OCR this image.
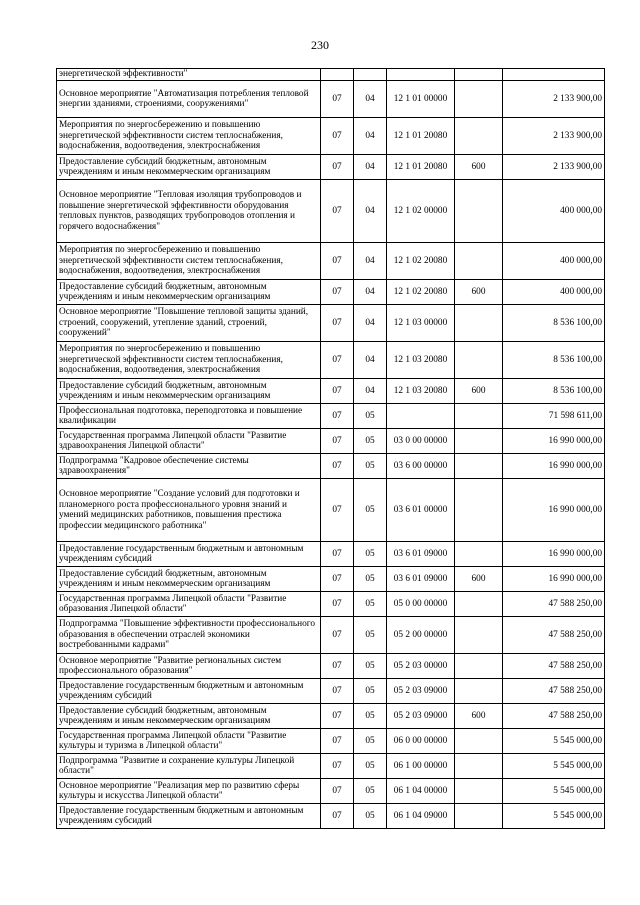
230
энергетической эффективности"					
Основное мероприятие "Автоматизация потребления тепловой энергии зданиями, строениями, сооружениями"	07	04	12 1 01 00000		2 133 900,00
Мероприятия по энергосбережению и повышению энергетической эффективности систем теплоснабжения, водоснабжения, водоотведения, электроснабжения	07	04	12 1 01 20080		2 133 900,00
Предоставление субсидий бюджетным, автономным учреждениям и иным некоммерческим организациям	07	04	12 1 01 20080	600	2 133 900,00
Основное мероприятие "Тепловая изоляция трубопроводов и повышение энергетической эффективности оборудования тепловых пунктов, разводящих трубопроводов отопления и горячего водоснабжения"	07	04	12 1 02 00000		400 000,00
Мероприятия по энергосбережению и повышению энергетической эффективности систем теплоснабжения, водоснабжения, водоотведения, электроснабжения	07	04	12 1 02 20080		400 000,00
Предоставление субсидий бюджетным, автономным учреждениям и иным некоммерческим организациям	07	04	12 1 02 20080	600	400 000,00
Основное мероприятие "Повышение тепловой защиты зданий, строений, сооружений, утепление зданий, строений, сооружений"	07	04	12 1 03 00000		8 536 100,00
Мероприятия по энергосбережению и повышению энергетической эффективности систем теплоснабжения, водоснабжения, водоотведения, электроснабжения	07	04	12 1 03 20080		8 536 100,00
Предоставление субсидий бюджетным, автономным учреждениям и иным некоммерческим организациям	07	04	12 1 03 20080	600	8 536 100,00
Профессиональная подготовка, переподготовка и повышение квалификации	07	05			71 598 611,00
Государственная программа Липецкой области "Развитие здравоохранения Липецкой области"	07	05	03 0 00 00000		16 990 000,00
Подпрограмма "Кадровое обеспечение системы здравоохранения"	07	05	03 6 00 00000		16 990 000,00
Основное мероприятие "Создание условий для подготовки и планомерного роста профессионального уровня знаний и умений медицинских работников, повышения престижа профессии медицинского работника"	07	05	03 6 01 00000		16 990 000,00
Предоставление государственным бюджетным и автономным учреждениям субсидий	07	05	03 6 01 09000		16 990 000,00
Предоставление субсидий бюджетным, автономным учреждениям и иным некоммерческим организациям	07	05	03 6 01 09000	600	16 990 000,00
Государственная программа Липецкой области "Развитие образования Липецкой области"	07	05	05 0 00 00000		47 588 250,00
Подпрограмма "Повышение эффективности профессионального образования в обеспечении отраслей экономики востребованными кадрами"	07	05	05 2 00 00000		47 588 250,00
Основное мероприятие "Развитие региональных систем профессионального образования"	07	05	05 2 03 00000		47 588 250,00
Предоставление государственным бюджетным и автономным учреждениям субсидий	07	05	05 2 03 09000		47 588 250,00
Предоставление субсидий бюджетным, автономным учреждениям и иным некоммерческим организациям	07	05	05 2 03 09000	600	47 588 250,00
Государственная программа Липецкой области "Развитие культуры и туризма в Липецкой области"	07	05	06 0 00 00000		5 545 000,00
Подпрограмма "Развитие и сохранение культуры Липецкой области"	07	05	06 1 00 00000		5 545 000,00
Основное мероприятие "Реализация мер по развитию сферы культуры и искусства Липецкой области"	07	05	06 1 04 00000		5 545 000,00
Предоставление государственным бюджетным и автономным учреждениям субсидий	07	05	06 1 04 09000		5 545 000,00
